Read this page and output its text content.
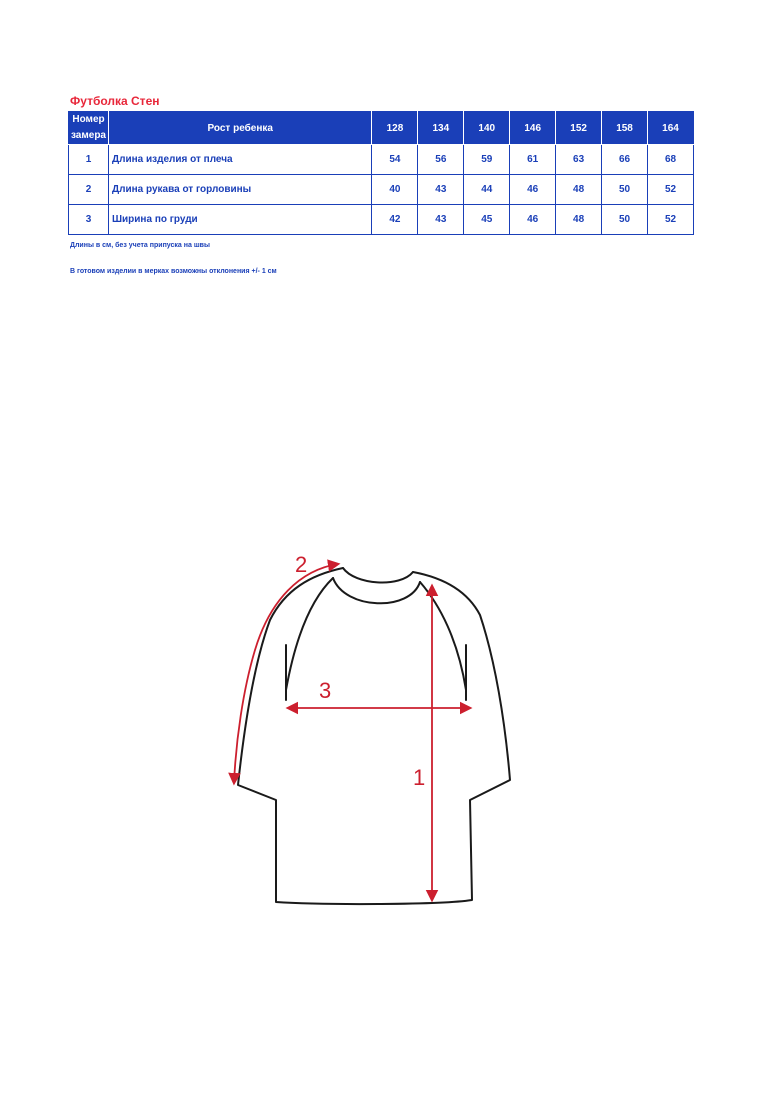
Футболка Стен
Номер
замера	Рост ребенка	128	134	140	146	152	158	164
1	Длина изделия от плеча	54	56	59	61	63	66	68
2	Длина рукава от горловины	40	43	44	46	48	50	52
3	Ширина по груди	42	43	45	46	48	50	52
Длины в см, без учета припуска на швы
В готовом изделии в мерках возможны отклонения +/- 1 см
1
2
3
